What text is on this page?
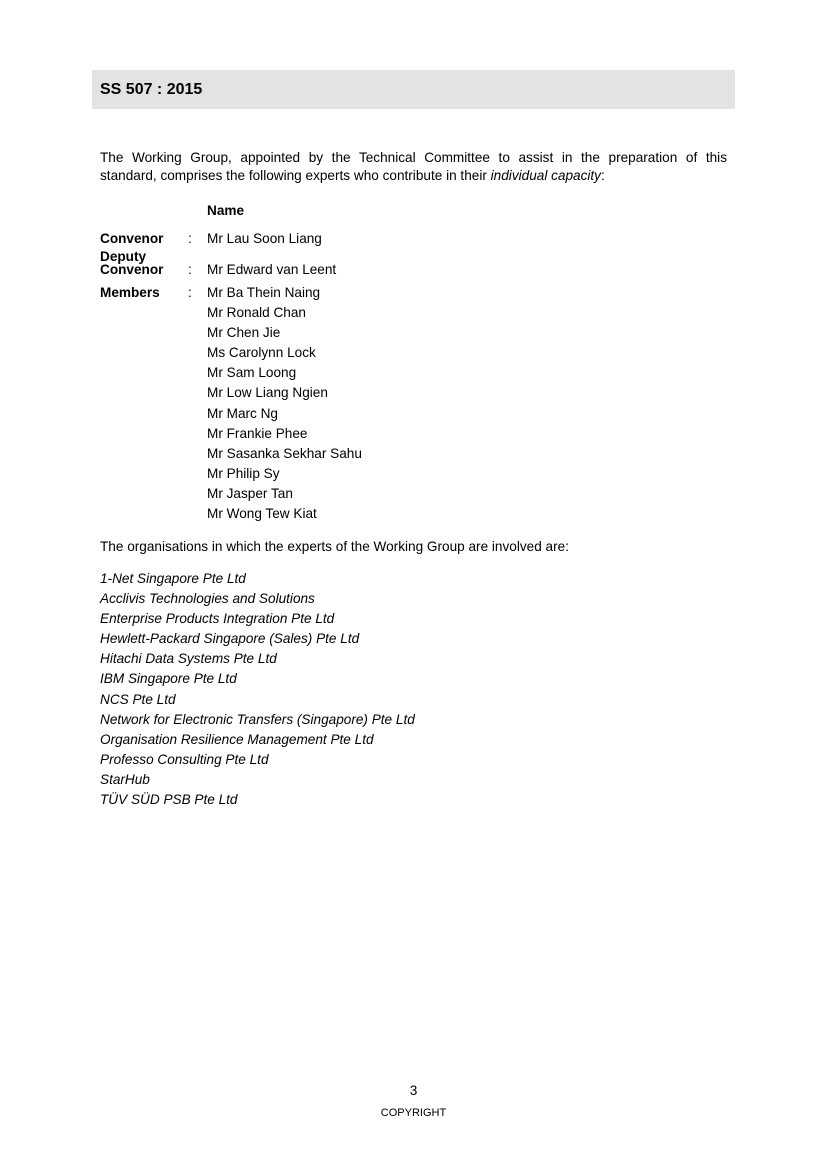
SS 507 : 2015
The Working Group, appointed by the Technical Committee to assist in the preparation of this
standard, comprises the following experts who contribute in their individual capacity:
Name
Convenor : Mr Lau Soon Liang
Deputy
Convenor : Mr Edward van Leent
Members : Mr Ba Thein Naing
Mr Ronald Chan
Mr Chen Jie
Ms Carolynn Lock
Mr Sam Loong
Mr Low Liang Ngien
Mr Marc Ng
Mr Frankie Phee
Mr Sasanka Sekhar Sahu
Mr Philip Sy
Mr Jasper Tan
Mr Wong Tew Kiat
The organisations in which the experts of the Working Group are involved are:
1-Net Singapore Pte Ltd
Acclivis Technologies and Solutions
Enterprise Products Integration Pte Ltd
Hewlett-Packard Singapore (Sales) Pte Ltd
Hitachi Data Systems Pte Ltd
IBM Singapore Pte Ltd
NCS Pte Ltd
Network for Electronic Transfers (Singapore) Pte Ltd
Organisation Resilience Management Pte Ltd
Professo Consulting Pte Ltd
StarHub
TÜV SÜD PSB Pte Ltd
3
COPYRIGHT
